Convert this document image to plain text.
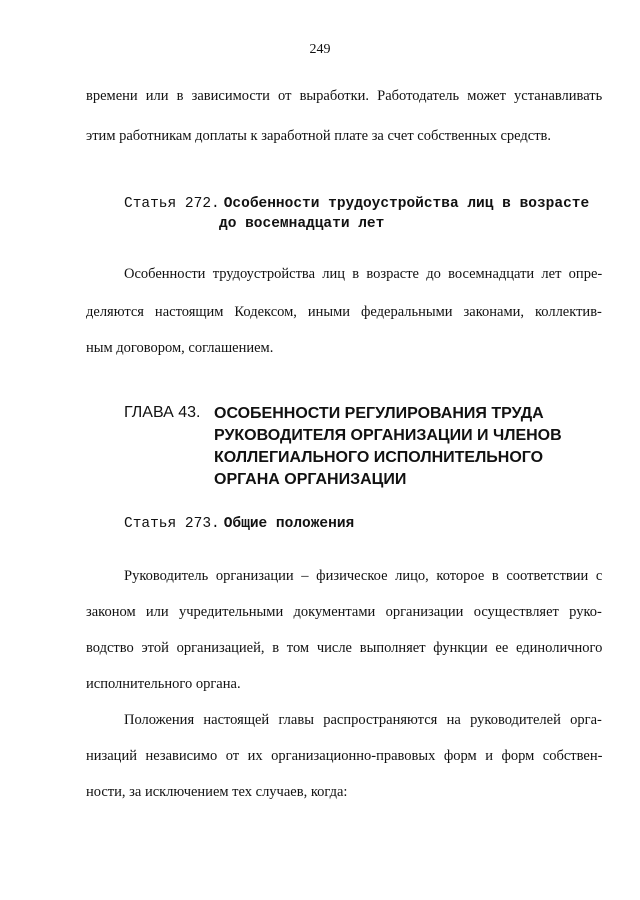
249
времени или в зависимости от выработки. Работодатель может устанавливать
этим работникам доплаты к заработной плате за счет собственных средств.
Статья 272. Особенности трудоустройства лиц в возрасте
до восемнадцати лет
Особенности трудоустройства лиц в возрасте до восемнадцати лет опре-
деляются настоящим Кодексом, иными федеральными законами, коллектив-
ным договором, соглашением.
ГЛАВА 43. ОСОБЕННОСТИ РЕГУЛИРОВАНИЯ ТРУДА
РУКОВОДИТЕЛЯ ОРГАНИЗАЦИИ И ЧЛЕНОВ
КОЛЛЕГИАЛЬНОГО ИСПОЛНИТЕЛЬНОГО
ОРГАНА ОРГАНИЗАЦИИ
Статья 273. Общие положения
Руководитель организации – физическое лицо, которое в соответствии с
законом или учредительными документами организации осуществляет руко-
водство этой организацией, в том числе выполняет функции ее единоличного
исполнительного органа.
Положения настоящей главы распространяются на руководителей орга-
низаций независимо от их организационно-правовых форм и форм собствен-
ности, за исключением тех случаев, когда:
